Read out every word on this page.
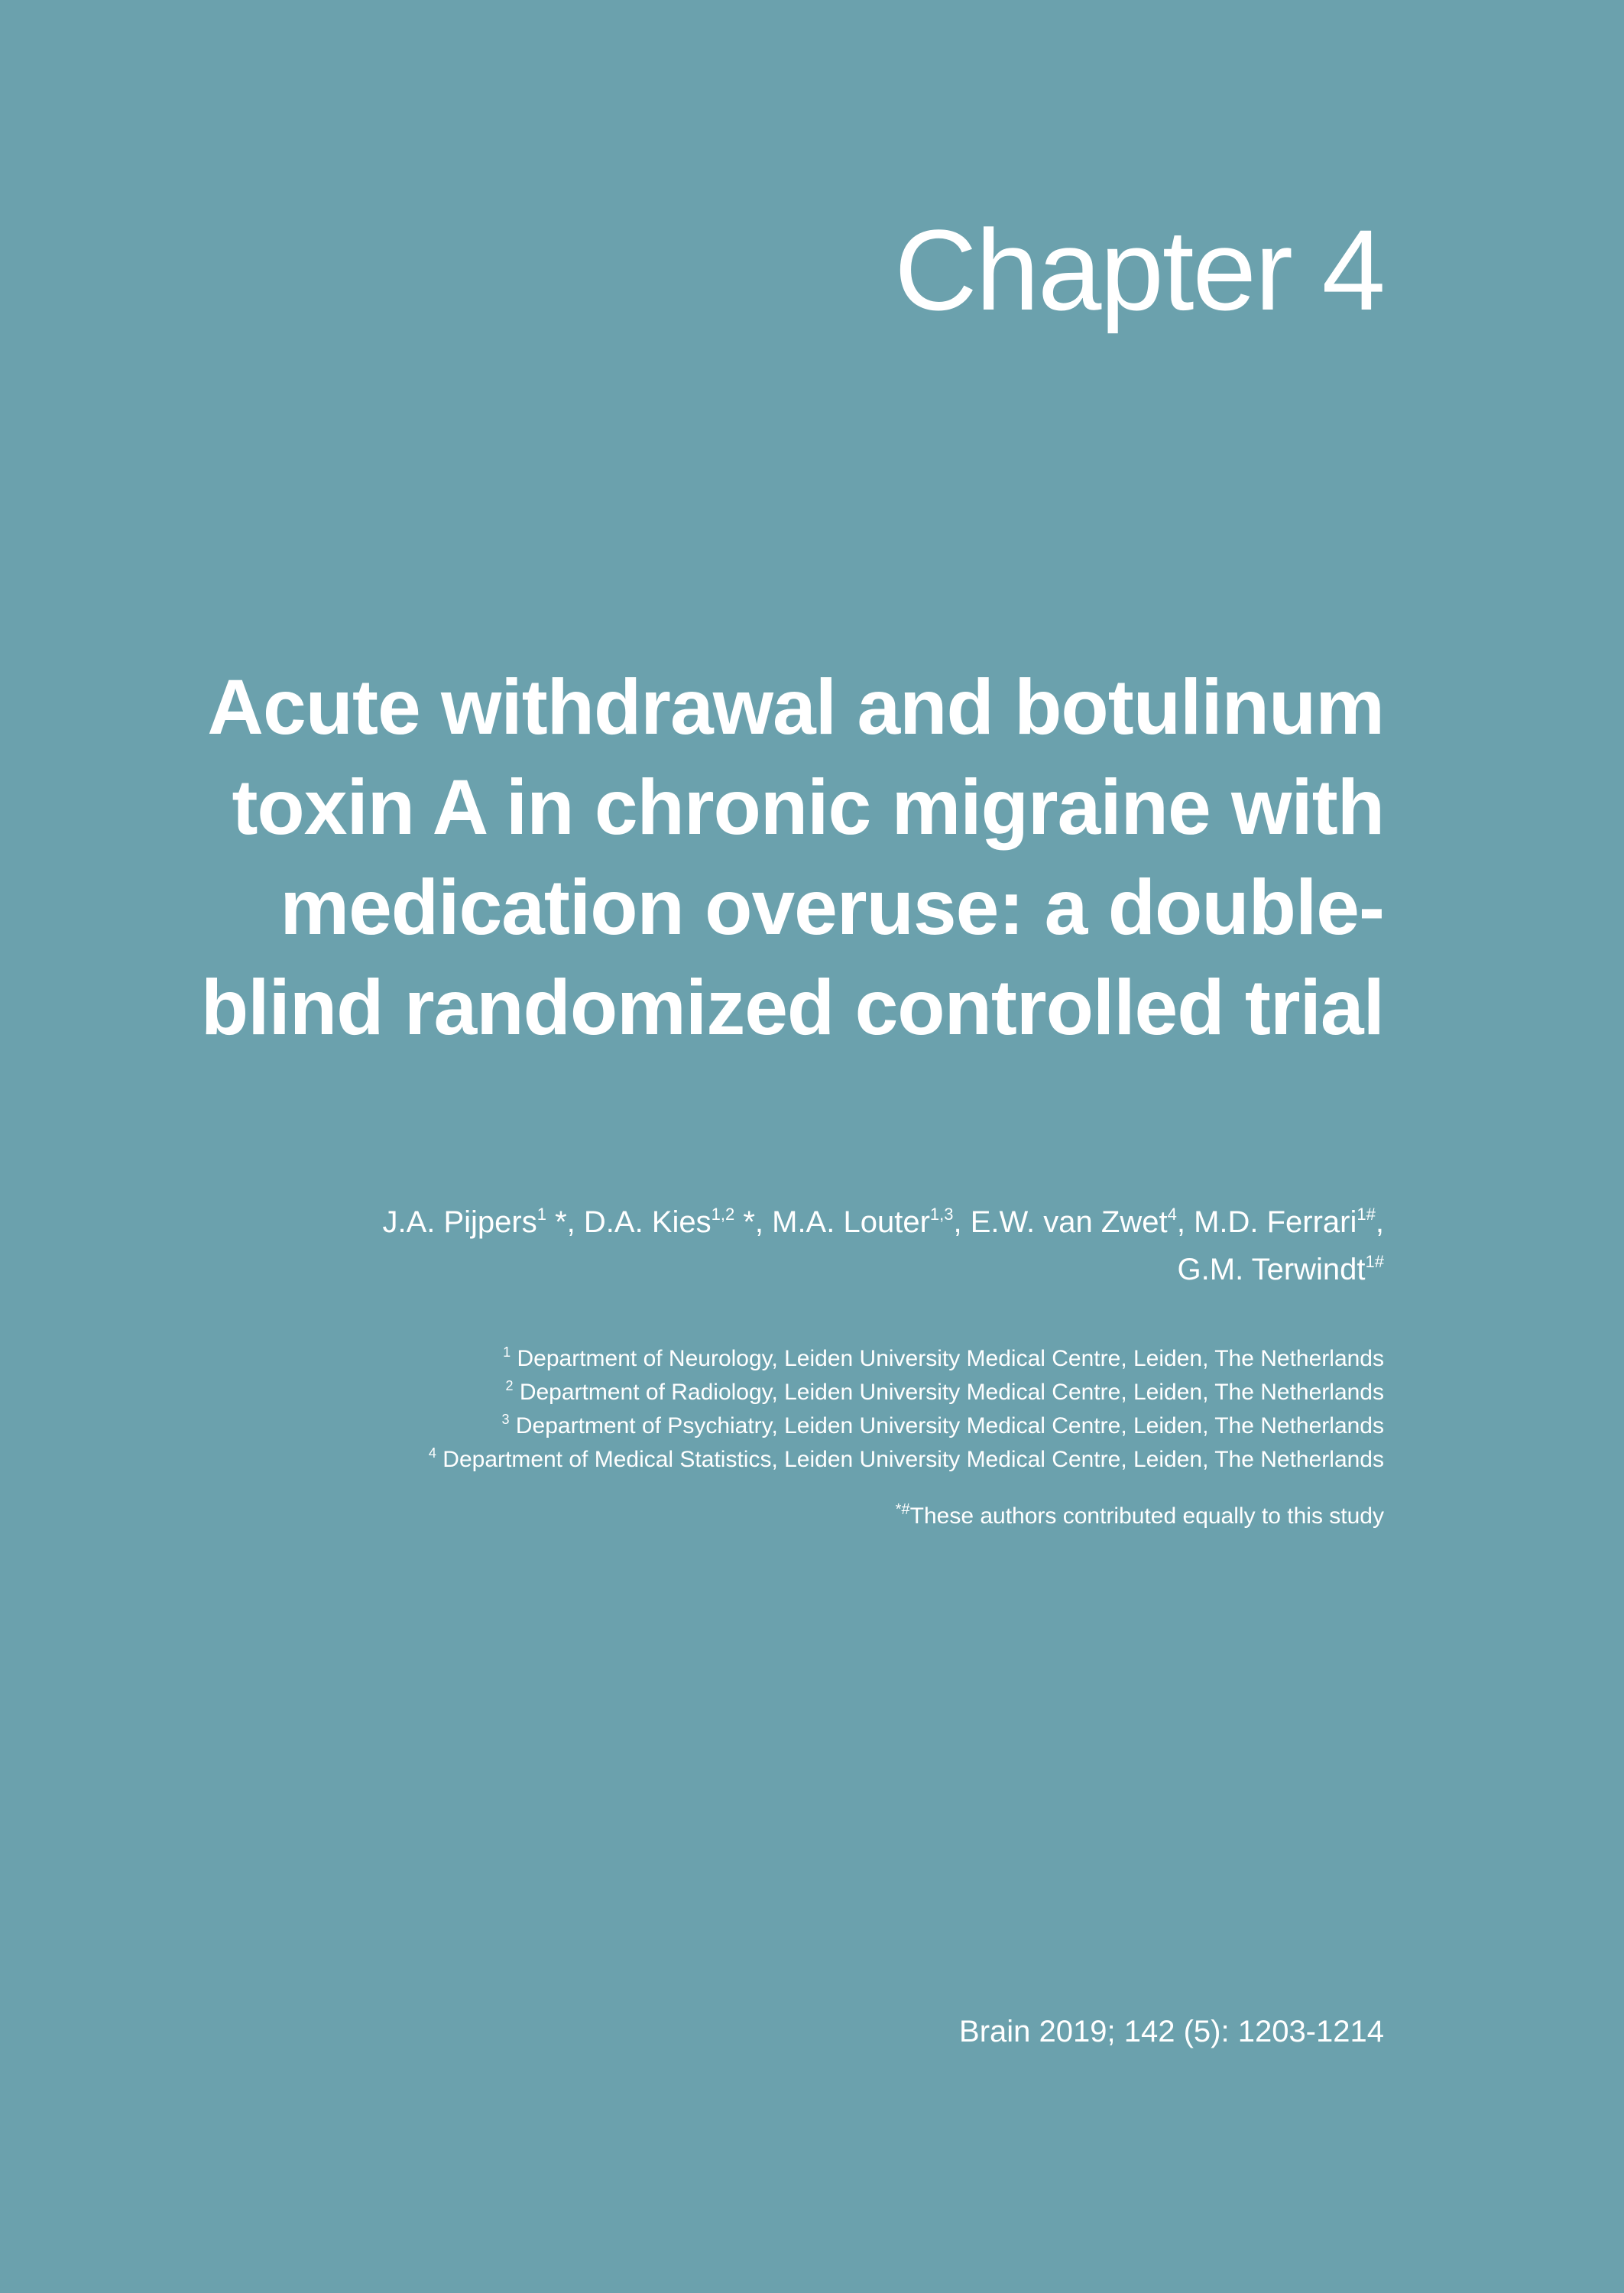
Chapter 4
Acute withdrawal and botulinum
toxin A in chronic migraine with
medication overuse: a double-
blind randomized controlled trial
J.A. Pijpers$^1$ *, D.A. Kies$^{1,2}$ *, M.A. Louter$^{1,3}$, E.W. van Zwet$^4$, M.D. Ferrari$^{1\#}$,
G.M. Terwindt$^{1\#}$
$^1$ Department of Neurology, Leiden University Medical Centre, Leiden, The Netherlands
$^2$ Department of Radiology, Leiden University Medical Centre, Leiden, The Netherlands
$^3$ Department of Psychiatry, Leiden University Medical Centre, Leiden, The Netherlands
$^4$ Department of Medical Statistics, Leiden University Medical Centre, Leiden, The Netherlands
*#These authors contributed equally to this study
Brain 2019; 142 (5): 1203-1214
